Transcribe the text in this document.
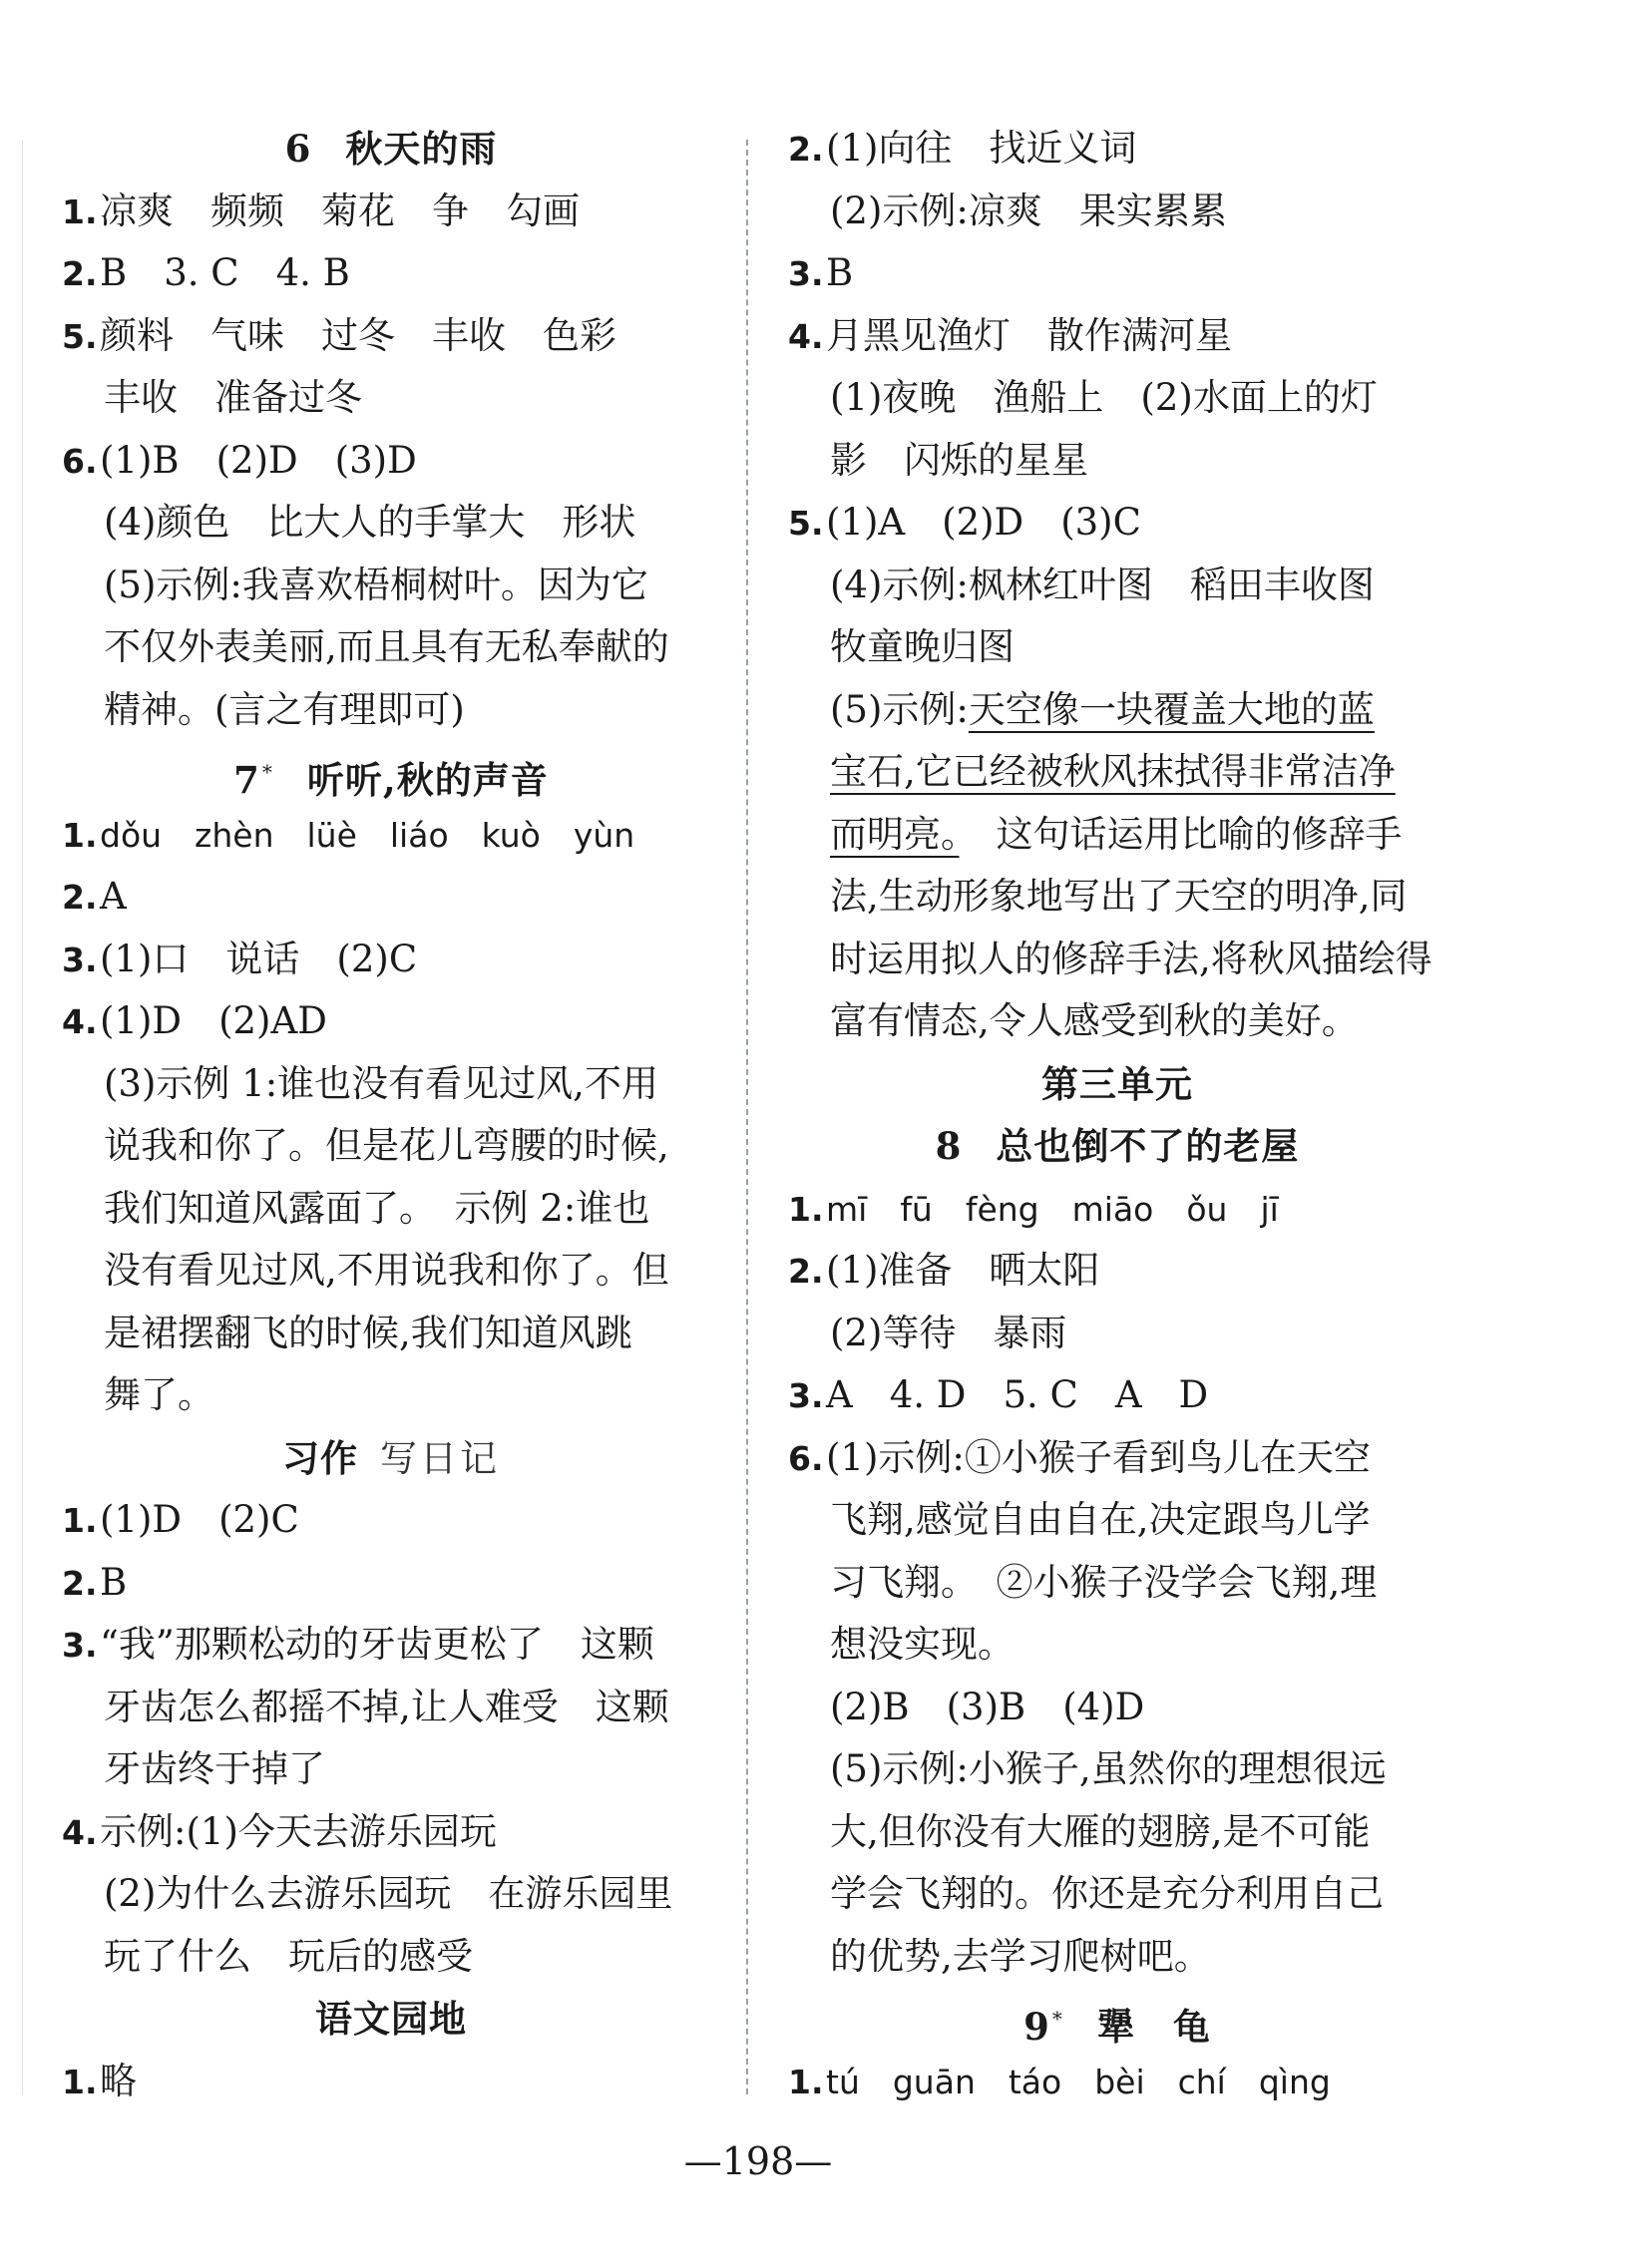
6 秋天的雨
1.凉爽　频频　菊花　争　勾画
2.B　3. C　4. B
5.颜料　气味　过冬　丰收　色彩
丰收　准备过冬
6.(1)B　(2)D　(3)D
(4)颜色　比大人的手掌大　形状
(5)示例:我喜欢梧桐树叶。因为它
不仅外表美丽,而且具有无私奉献的
精神。(言之有理即可)
7 * 听听,秋的声音
1.dǒu　zhèn　lüè　liáo　kuò　yùn
2.A
3.(1)口　说话　(2)C
4.(1)D　(2)AD
(3)示例 1:谁也没有看见过风,不用
说我和你了。但是花儿弯腰的时候,
我们知道风露面了。　示例 2:谁也
没有看见过风,不用说我和你了。但
是裙摆翻飞的时候,我们知道风跳
舞了。
习作 写日记
1.(1)D　(2)C
2.B
3.“我”那颗松动的牙齿更松了　这颗
牙齿怎么都摇不掉,让人难受　这颗
牙齿终于掉了
4.示例:(1)今天去游乐园玩
(2)为什么去游乐园玩　在游乐园里
玩了什么　玩后的感受
语文园地
1.略
2.(1)向往　找近义词
(2)示例:凉爽　果实累累
3.B
4.月黑见渔灯　散作满河星
(1)夜晚　渔船上　(2)水面上的灯
影　闪烁的星星
5.(1)A　(2)D　(3)C
(4)示例:枫林红叶图　稻田丰收图
牧童晚归图
(5)示例:天空像一块覆盖大地的蓝
宝石,它已经被秋风抹拭得非常洁净
而明亮。　这句话运用比喻的修辞手
法,生动形象地写出了天空的明净,同
时运用拟人的修辞手法,将秋风描绘得
富有情态,令人感受到秋的美好。
第三单元
8 总也倒不了的老屋
1.mī　fū　fèng　miāo　ǒu　jī
2.(1)准备　晒太阳
(2)等待　暴雨
3.A　4. D　5. C　A　D
6.(1)示例:①小猴子看到鸟儿在天空
飞翔,感觉自由自在,决定跟鸟儿学
习飞翔。　②小猴子没学会飞翔,理
想没实现。
(2)B　(3)B　(4)D
(5)示例:小猴子,虽然你的理想很远
大,但你没有大雁的翅膀,是不可能
学会飞翔的。你还是充分利用自己
的优势,去学习爬树吧。
9 * 犟　龟
1.tú　guān　táo　bèi　chí　qìng
—198—
